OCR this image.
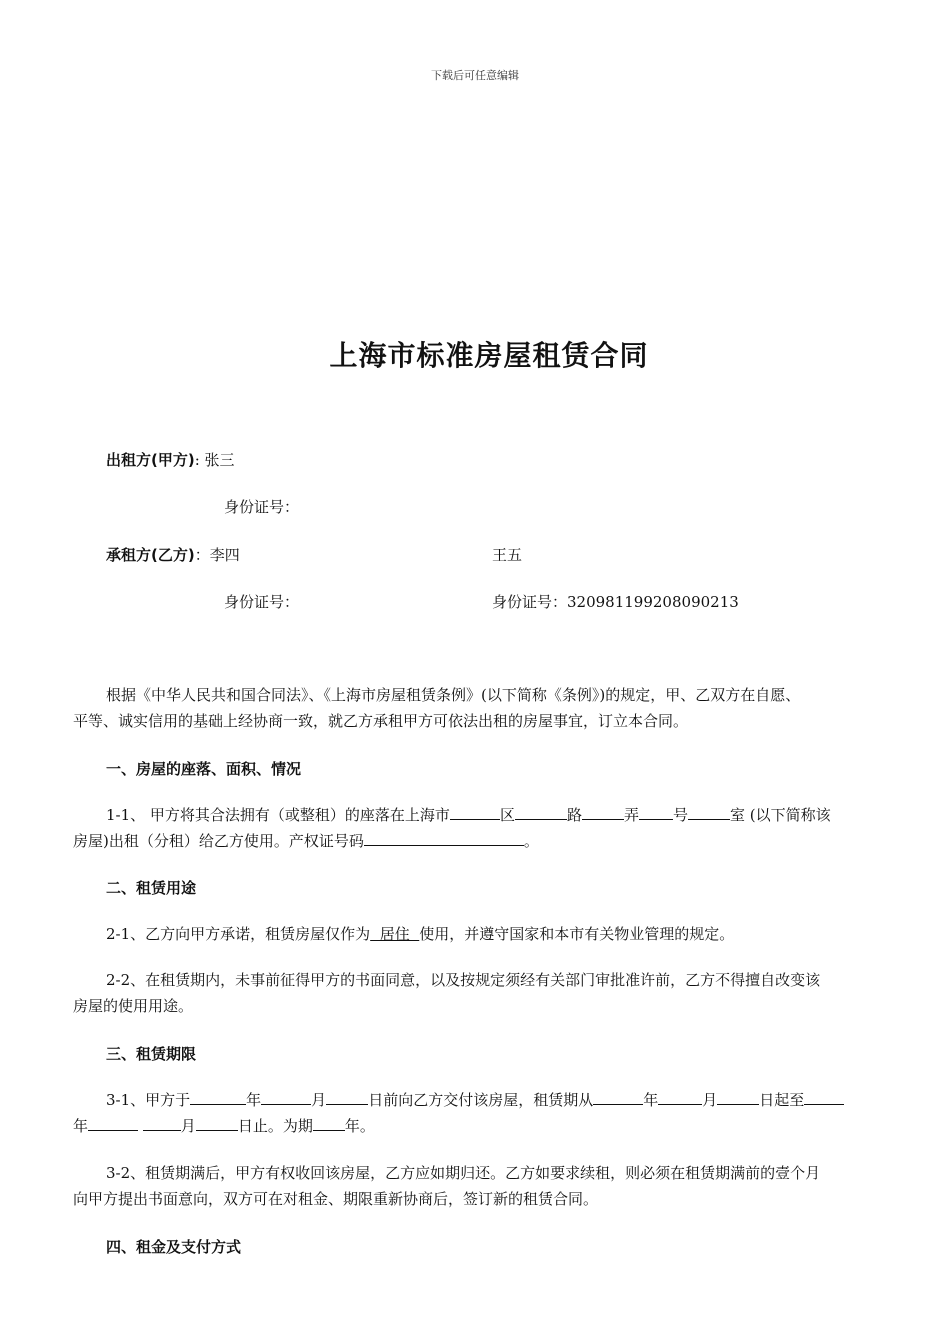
下载后可任意编辑
上海市标准房屋租赁合同
出租方(甲方): 张三
身份证号：
承租方(乙方)：李四	王五
身份证号：	身份证号：320981199208090213
根据《中华人民共和国合同法》、《上海市房屋租赁条例》(以下简称《条例》)的规定，甲、乙双方在自愿、
平等、诚实信用的基础上经协商一致，就乙方承租甲方可依法出租的房屋事宜，订立本合同。
一、房屋的座落、面积、情况
1-1、 甲方将其合法拥有（或整租）的座落在上海市	区	路	弄 号	室 (以下简称该
房屋)出租（分租）给乙方使用。产权证号码	。
二、租赁用途
2-1、乙方向甲方承诺，租赁房屋仅作为  居住  使用，并遵守国家和本市有关物业管理的规定。
2-2、在租赁期内，未事前征得甲方的书面同意，以及按规定须经有关部门审批准许前，乙方不得擅自改变该
房屋的使用用途。
三、租赁期限
3-1、甲方于	年	月	日前向乙方交付该房屋，租赁期从	年	月	日起至
年	月	日止。为期 年。
3-2、租赁期满后，甲方有权收回该房屋，乙方应如期归还。乙方如要求续租，则必须在租赁期满前的壹个月
向甲方提出书面意向，双方可在对租金、期限重新协商后，签订新的租赁合同。
四、租金及支付方式
